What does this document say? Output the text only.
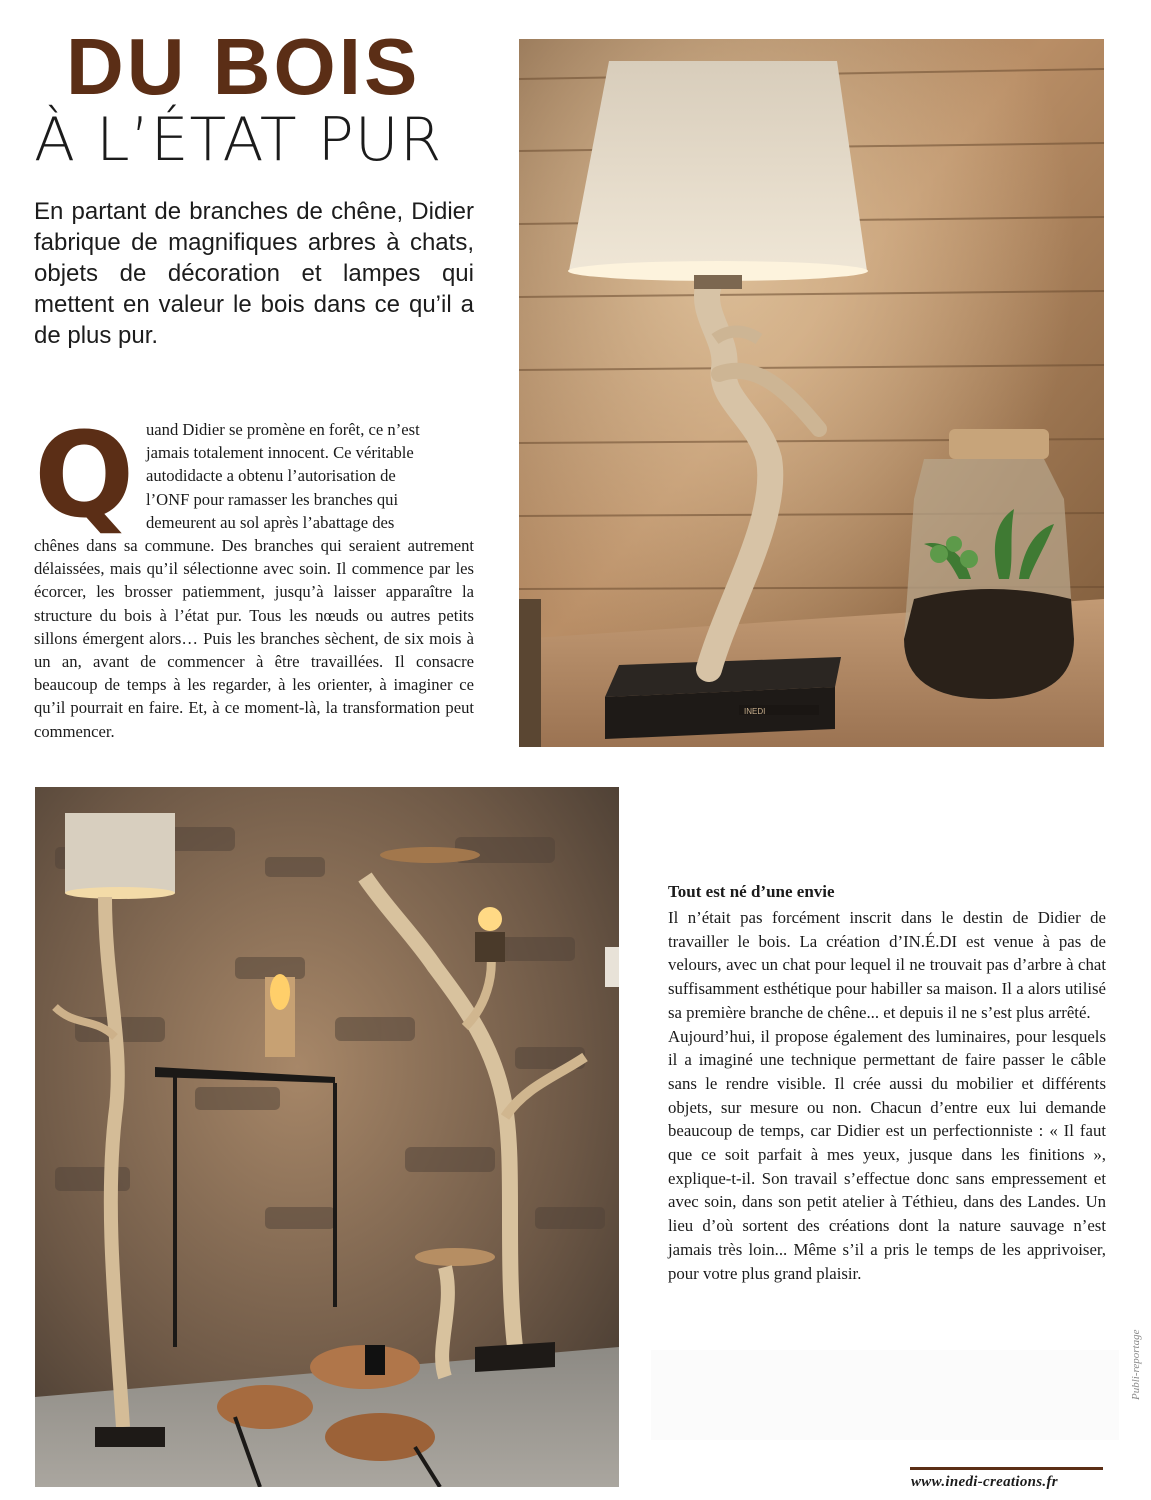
DU BOIS
À L’ÉTAT PUR
En partant de branches de chêne, Didier fabrique de magnifiques arbres à chats, objets de décoration et lampes qui mettent en valeur le bois dans ce qu’il a de plus pur.
Q uand Didier se promène en forêt, ce n’est
jamais totalement innocent. Ce véritable
autodidacte a obtenu l’autorisation de
l’ONF pour ramasser les branches qui
demeurent au sol après l’abattage des
chênes dans sa commune. Des branches qui seraient autrement délaissées, mais qu’il sélectionne avec soin. Il commence par les écorcer, les brosser patiemment, jusqu’à laisser apparaître la structure du bois à l’état pur. Tous les nœuds ou autres petits sillons émergent alors… Puis les branches sèchent, de six mois à un an, avant de commencer à être travaillées. Il consacre beaucoup de temps à les regarder, à les orienter, à imaginer ce qu’il pourrait en faire. Et, à ce moment-là, la transformation peut commencer.
INEDI
Tout est né d’une envie

Il n’était pas forcément inscrit dans le destin de Didier de travailler le bois. La création d’IN.É.DI est venue à pas de velours, avec un chat pour lequel il ne trouvait pas d’arbre à chat suffisamment esthétique pour habiller sa maison. Il a alors utilisé sa première branche de chêne... et depuis il ne s’est plus arrêté.

Aujourd’hui, il propose également des luminaires, pour lesquels il a imaginé une technique permettant de faire passer le câble sans le rendre visible. Il crée aussi du mobilier et différents objets, sur mesure ou non. Chacun d’entre eux lui demande beaucoup de temps, car Didier est un perfectionniste : « Il faut que ce soit parfait à mes yeux, jusque dans les finitions », explique-t-il. Son travail s’effectue donc sans empressement et avec soin, dans son petit atelier à Téthieu, dans des Landes. Un lieu d’où sortent des créations dont la nature sauvage n’est jamais très loin... Même s’il a pris le temps de les apprivoiser, pour votre plus grand plaisir.

www.inedi-creations.fr
Publi-reportage
